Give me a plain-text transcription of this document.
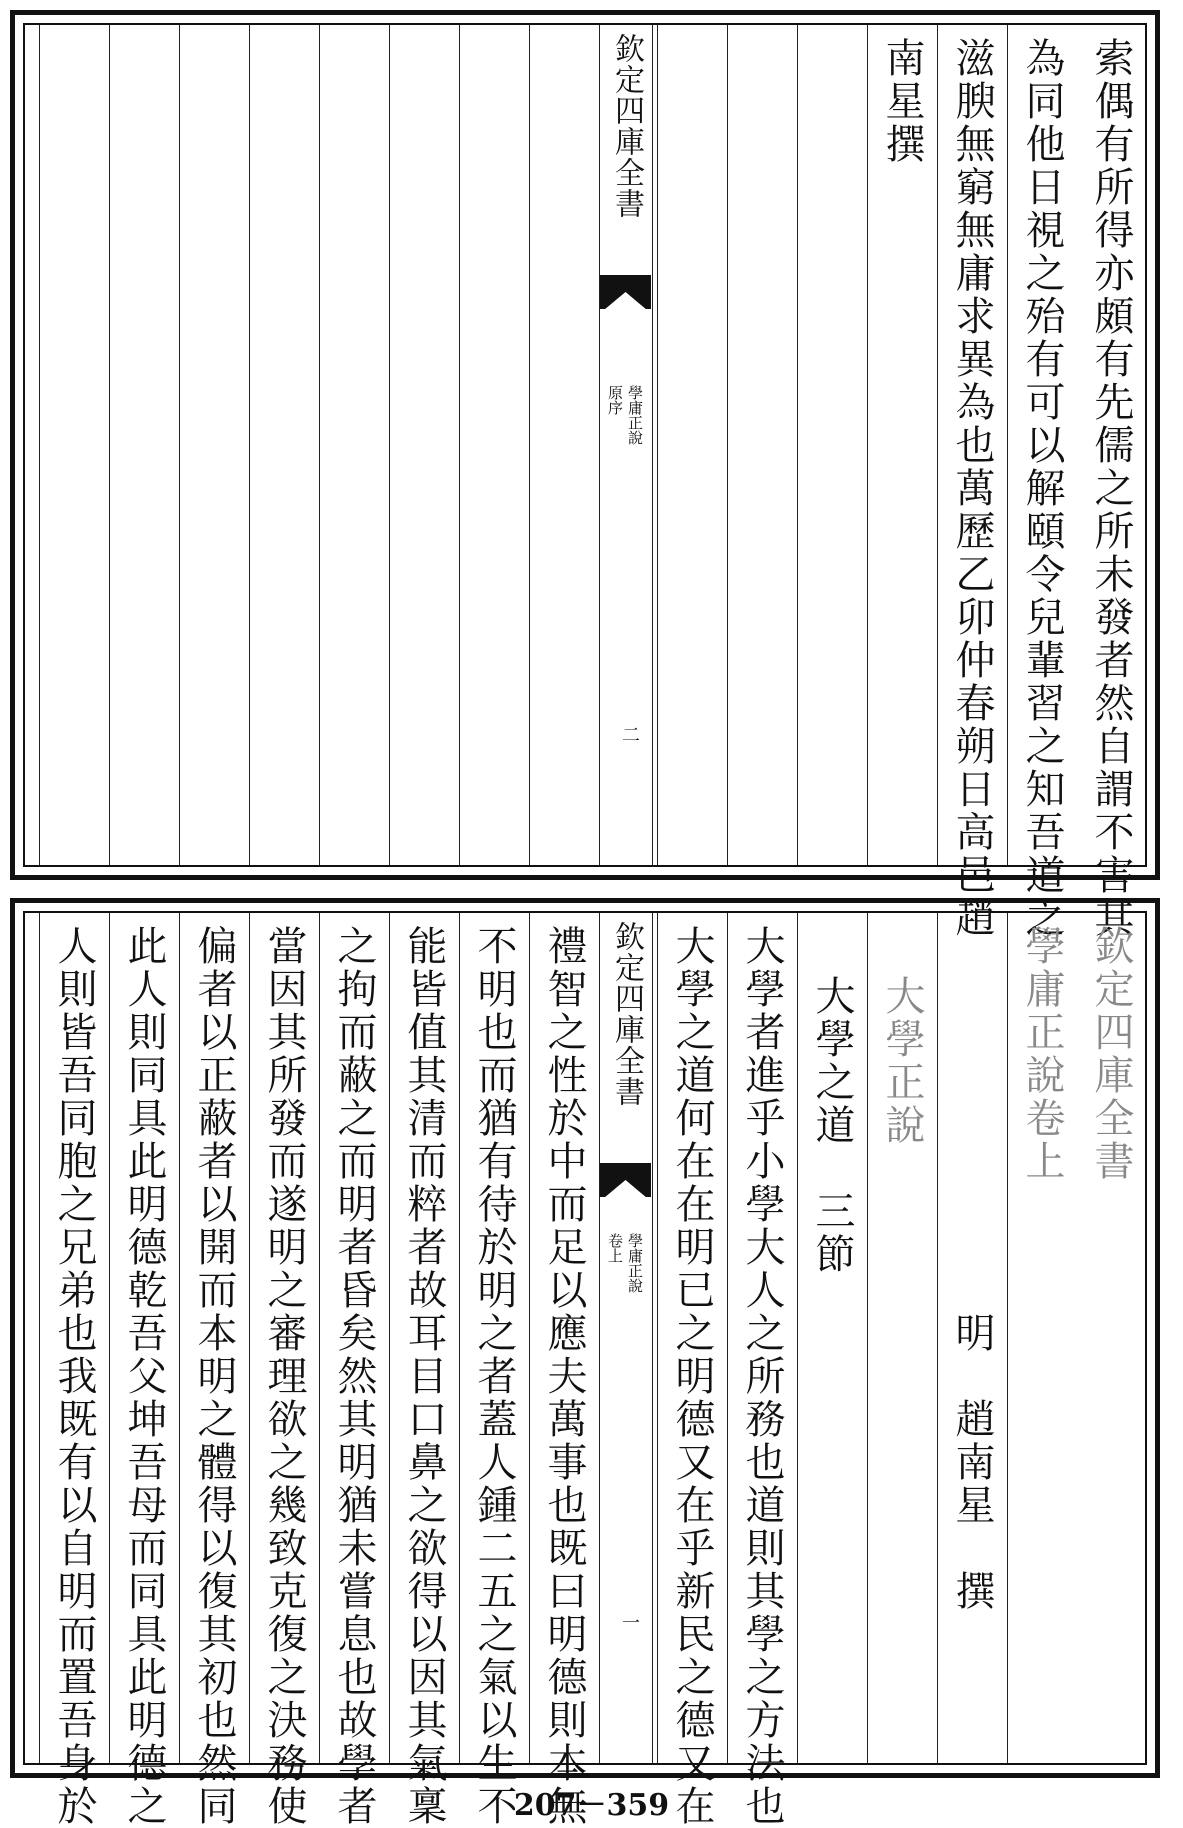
索偶有所得亦頗有先儒之所未發者然自謂不害其
為同他日視之殆有可以解頤令兒輩習之知吾道之
滋腴無窮無庸求異為也萬歷乙卯仲春朔日高邑趙
南星撰
欽定四庫全書
學庸正說
原序
二
欽定四庫全書
學庸正說卷上
　　　　　　　　　明　趙南星　撰
大學正說
大學之道　三節
大學者進乎小學大人之所務也道則其學之方法也
大學之道何在在明已之明德又在乎新民之德又在
欽定四庫全書
學庸正說
卷上
一
禮智之性於中而足以應夫萬事也既曰明德則本無
不明也而猶有待於明之者蓋人鍾二五之氣以生不
能皆值其清而粹者故耳目口鼻之欲得以因其氣稟
之拘而蔽之而明者昏矣然其明猶未嘗息也故學者
當因其所發而遂明之審理欲之幾致克復之決務使
偏者以正蔽者以開而本明之體得以復其初也然同
此人則同具此明德乾吾父坤吾母而同具此明德之
人則皆吾同胞之兄弟也我既有以自明而置吾身於	207－359
